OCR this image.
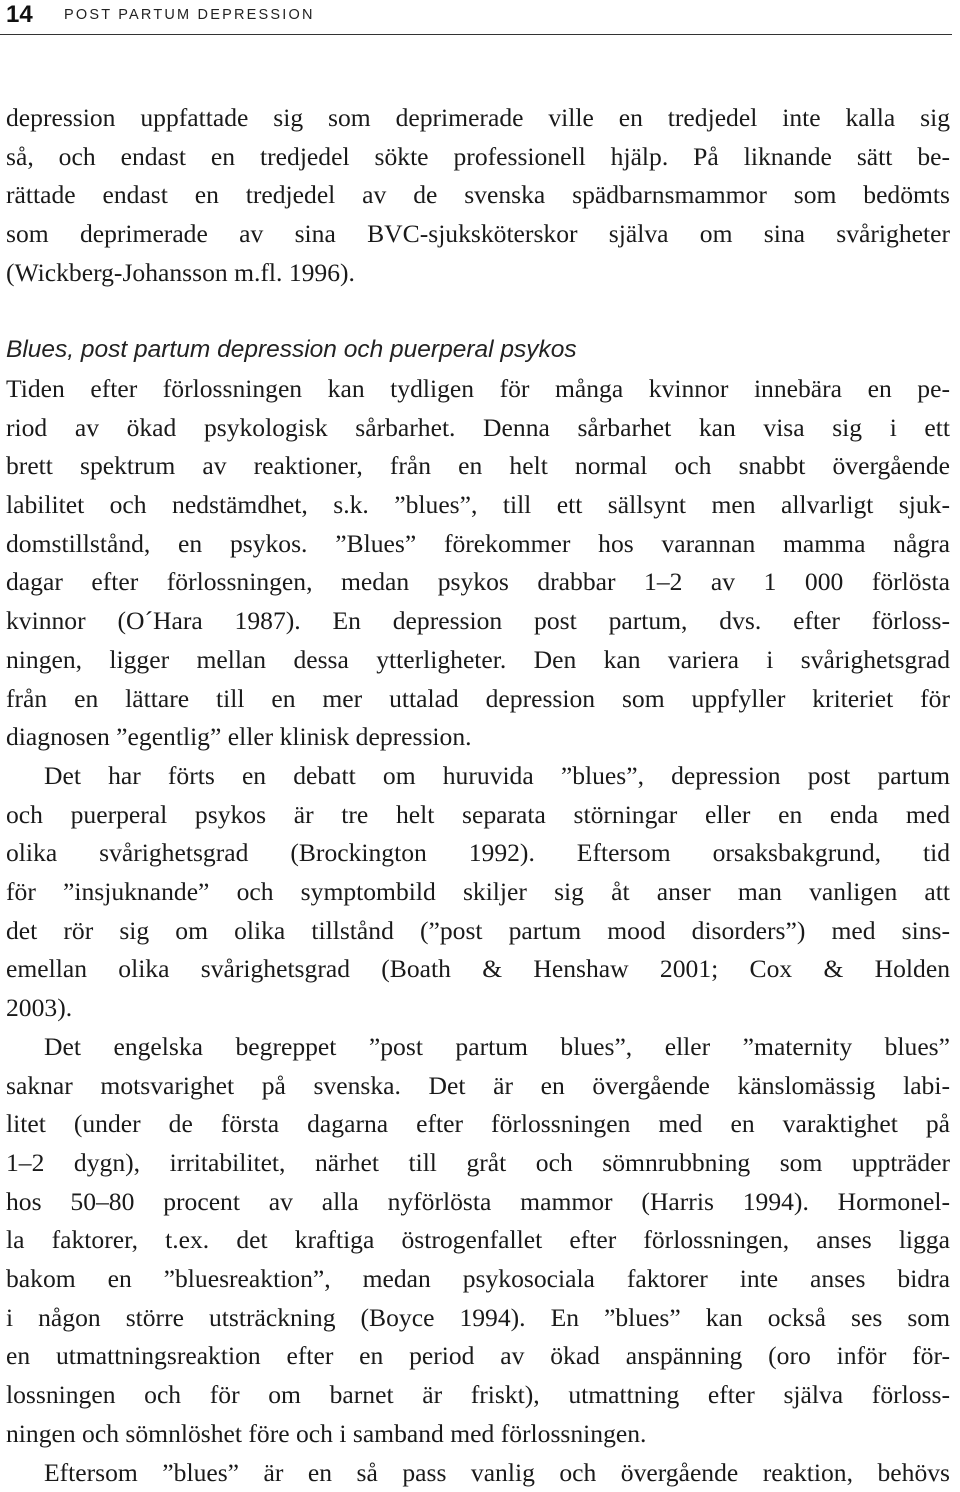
14 POST PARTUM DEPRESSION

depression uppfattade sig som deprimerade ville en tredjedel inte kalla sig
så, och endast en tredjedel sökte professionell hjälp. På liknande sätt be-
rättade endast en tredjedel av de svenska spädbarnsmammor som bedömts
som deprimerade av sina BVC-sjuksköterskor själva om sina svårigheter
(Wickberg-Johansson m.fl. 1996).

Blues, post partum depression och puerperal psykos

Tiden efter förlossningen kan tydligen för många kvinnor innebära en pe-
riod av ökad psykologisk sårbarhet. Denna sårbarhet kan visa sig i ett
brett spektrum av reaktioner, från en helt normal och snabbt övergående
labilitet och nedstämdhet, s.k. ”blues”, till ett sällsynt men allvarligt sjuk-
domstillstånd, en psykos. ”Blues” förekommer hos varannan mamma några
dagar efter förlossningen, medan psykos drabbar 1–2 av 1 000 förlösta
kvinnor (O´Hara 1987). En depression post partum, dvs. efter förloss-
ningen, ligger mellan dessa ytterligheter. Den kan variera i svårighetsgrad
från en lättare till en mer uttalad depression som uppfyller kriteriet för
diagnosen ”egentlig” eller klinisk depression.

Det har förts en debatt om huruvida ”blues”, depression post partum
och puerperal psykos är tre helt separata störningar eller en enda med
olika svårighetsgrad (Brockington 1992). Eftersom orsaksbakgrund, tid
för ”insjuknande” och symptombild skiljer sig åt anser man vanligen att
det rör sig om olika tillstånd (”post partum mood disorders”) med sins-
emellan olika svårighetsgrad (Boath & Henshaw 2001; Cox & Holden
2003).

Det engelska begreppet ”post partum blues”, eller ”maternity blues”
saknar motsvarighet på svenska. Det är en övergående känslomässig labi-
litet (under de första dagarna efter förlossningen med en varaktighet på
1–2 dygn), irritabilitet, närhet till gråt och sömnrubbning som uppträder
hos 50–80 procent av alla nyförlösta mammor (Harris 1994). Hormonel-
la faktorer, t.ex. det kraftiga östrogenfallet efter förlossningen, anses ligga
bakom en ”bluesreaktion”, medan psykosociala faktorer inte anses bidra
i någon större utsträckning (Boyce 1994). En ”blues” kan också ses som
en utmattningsreaktion efter en period av ökad anspänning (oro inför för-
lossningen och för om barnet är friskt), utmattning efter själva förloss-
ningen och sömnlöshet före och i samband med förlossningen.

Eftersom ”blues” är en så pass vanlig och övergående reaktion, behövs
